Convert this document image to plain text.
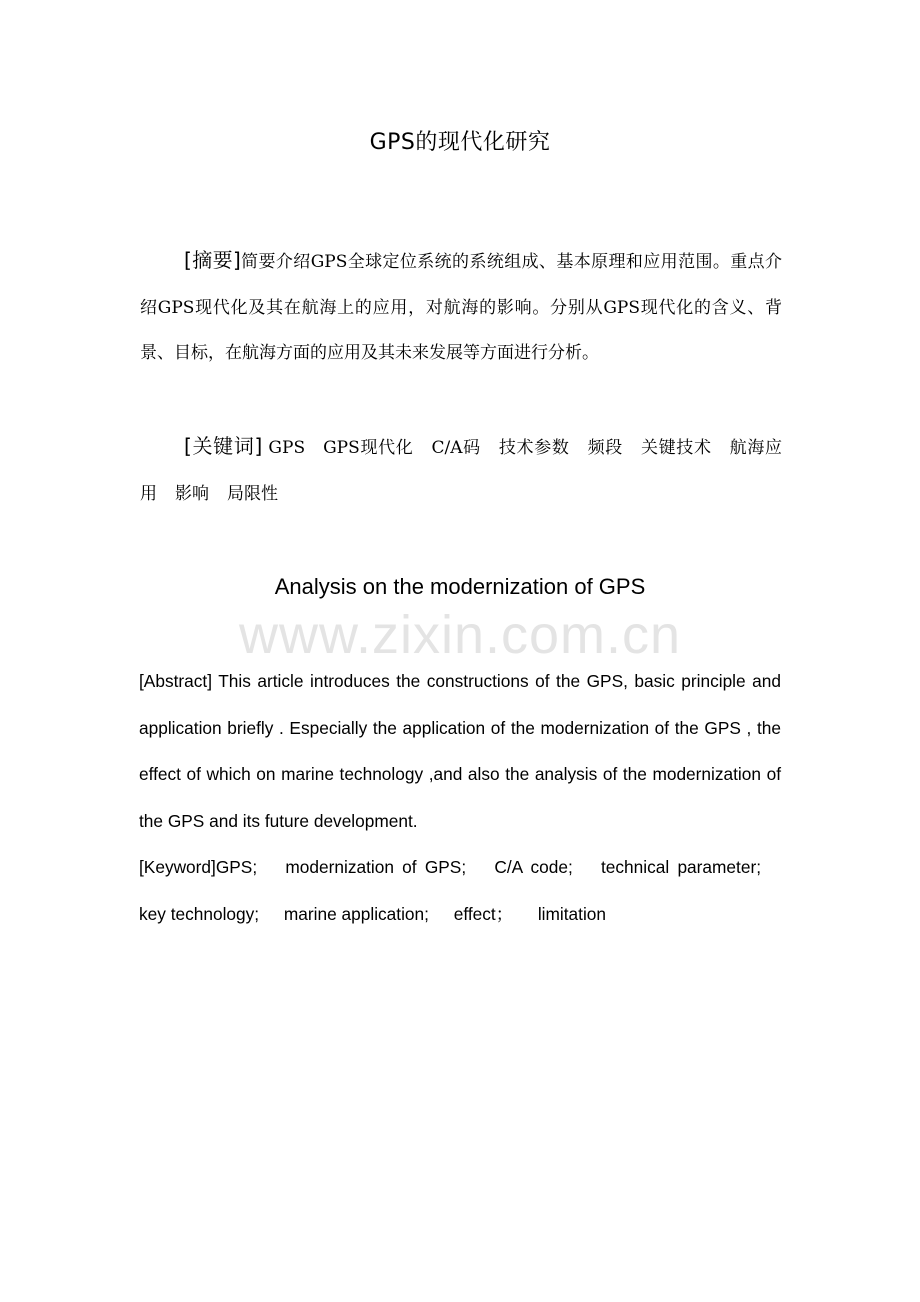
GPS的现代化研究
[摘要]简要介绍GPS全球定位系统的系统组成、基本原理和应用范围。重点介绍GPS现代化及其在航海上的应用，对航海的影响。分别从GPS现代化的含义、背景、目标，在航海方面的应用及其未来发展等方面进行分析。
[关键词] GPS GPS现代化 C/A码 技术参数 频段 关键技术 航海应用 影响 局限性
Analysis on the modernization of GPS
www.zixin.com.cn
[Abstract] This article introduces the constructions of the GPS, basic principle and application briefly . Especially the application of the modernization of the GPS , the effect of which on marine technology ,and also the analysis of the modernization of the GPS and its future development.
[Keyword]GPS; modernization of GPS; C/A code; technical parameter; key technology; marine application; effect； limitation
